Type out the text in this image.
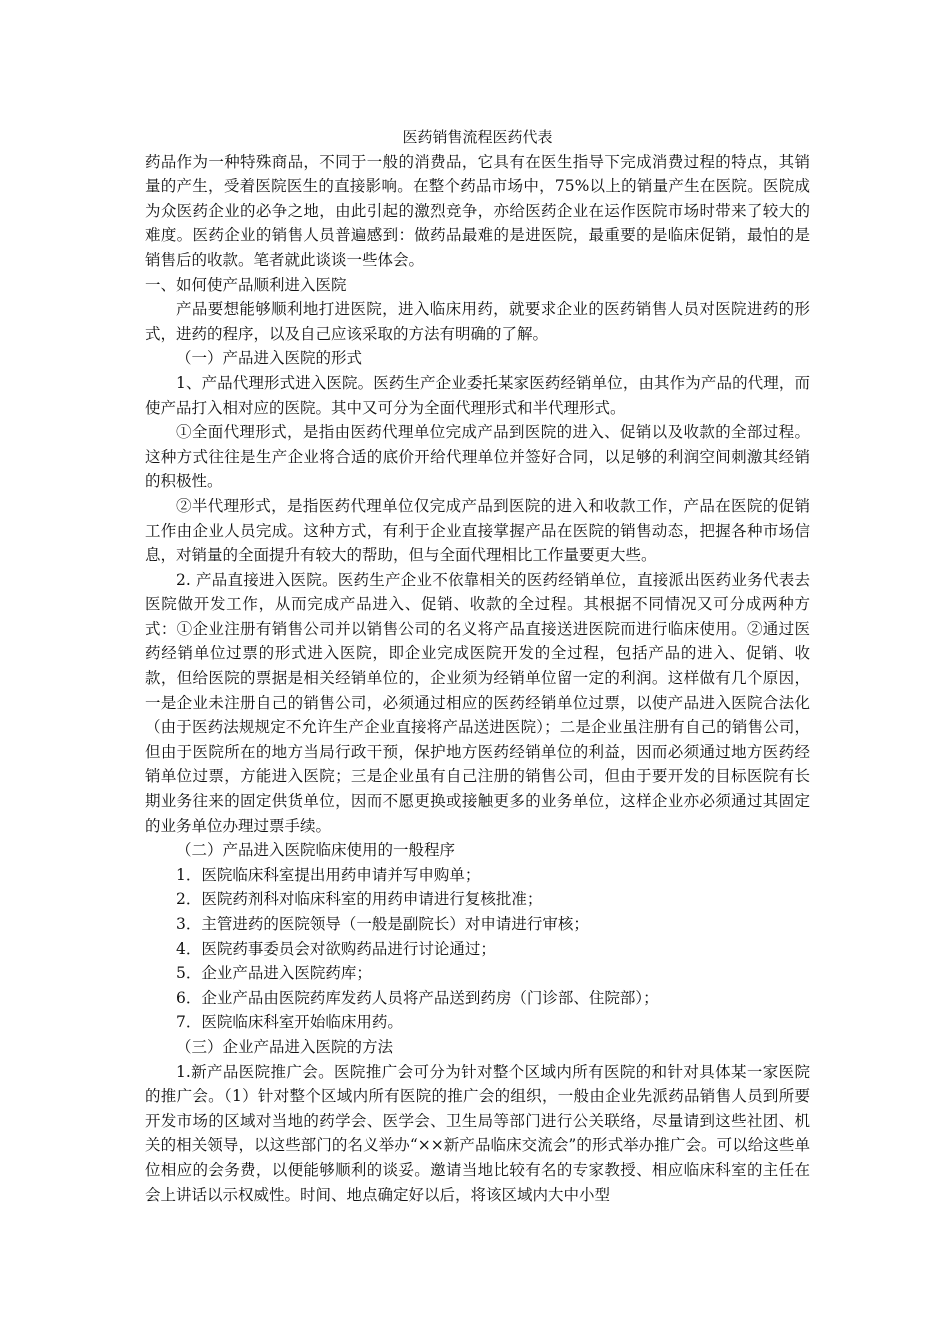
医药销售流程医药代表

药品作为一种特殊商品，不同于一般的消费品，它具有在医生指导下完成消费过程的特点，其销量的产生，受着医院医生的直接影响。在整个药品市场中，75%以上的销量产生在医院。医院成为众医药企业的必争之地，由此引起的激烈竞争，亦给医药企业在运作医院市场时带来了较大的难度。医药企业的销售人员普遍感到：做药品最难的是进医院，最重要的是临床促销，最怕的是销售后的收款。笔者就此谈谈一些体会。

一、如何使产品顺利进入医院

产品要想能够顺利地打进医院，进入临床用药，就要求企业的医药销售人员对医院进药的形式，进药的程序，以及自己应该采取的方法有明确的了解。

（一）产品进入医院的形式

1、产品代理形式进入医院。医药生产企业委托某家医药经销单位，由其作为产品的代理，而使产品打入相对应的医院。其中又可分为全面代理形式和半代理形式。

①全面代理形式，是指由医药代理单位完成产品到医院的进入、促销以及收款的全部过程。这种方式往往是生产企业将合适的底价开给代理单位并签好合同，以足够的利润空间刺激其经销的积极性。

②半代理形式，是指医药代理单位仅完成产品到医院的进入和收款工作，产品在医院的促销工作由企业人员完成。这种方式，有利于企业直接掌握产品在医院的销售动态，把握各种市场信息，对销量的全面提升有较大的帮助，但与全面代理相比工作量要更大些。

2. 产品直接进入医院。医药生产企业不依靠相关的医药经销单位，直接派出医药业务代表去医院做开发工作，从而完成产品进入、促销、收款的全过程。其根据不同情况又可分成两种方式：①企业注册有销售公司并以销售公司的名义将产品直接送进医院而进行临床使用。②通过医药经销单位过票的形式进入医院，即企业完成医院开发的全过程，包括产品的进入、促销、收款，但给医院的票据是相关经销单位的，企业须为经销单位留一定的利润。这样做有几个原因，一是企业未注册自己的销售公司，必须通过相应的医药经销单位过票，以使产品进入医院合法化（由于医药法规规定不允许生产企业直接将产品送进医院）；二是企业虽注册有自己的销售公司，但由于医院所在的地方当局行政干预，保护地方医药经销单位的利益，因而必须通过地方医药经销单位过票，方能进入医院；三是企业虽有自己注册的销售公司，但由于要开发的目标医院有长期业务往来的固定供货单位，因而不愿更换或接触更多的业务单位，这样企业亦必须通过其固定的业务单位办理过票手续。

（二）产品进入医院临床使用的一般程序

1．医院临床科室提出用药申请并写申购单；

2．医院药剂科对临床科室的用药申请进行复核批准；

3．主管进药的医院领导（一般是副院长）对申请进行审核；

4．医院药事委员会对欲购药品进行讨论通过；

5．企业产品进入医院药库；

6．企业产品由医院药库发药人员将产品送到药房（门诊部、住院部）；

7．医院临床科室开始临床用药。

（三）企业产品进入医院的方法

1.新产品医院推广会。医院推广会可分为针对整个区域内所有医院的和针对具体某一家医院的推广会。（1）针对整个区域内所有医院的推广会的组织，一般由企业先派药品销售人员到所要开发市场的区域对当地的药学会、医学会、卫生局等部门进行公关联络，尽量请到这些社团、机关的相关领导，以这些部门的名义举办“××新产品临床交流会”的形式举办推广会。可以给这些单位相应的会务费，以便能够顺利的谈妥。邀请当地比较有名的专家教授、相应临床科室的主任在会上讲话以示权威性。时间、地点确定好以后，将该区域内大中小型
